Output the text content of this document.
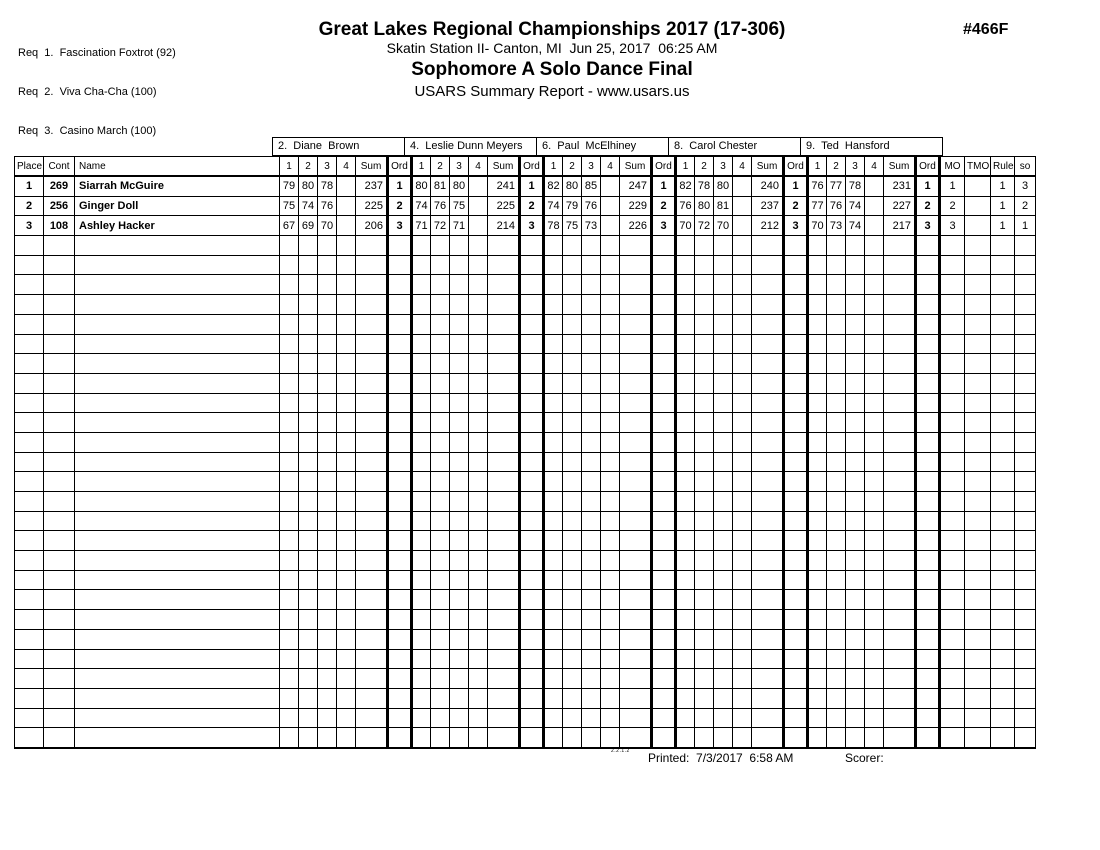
Req  1.  Fascination Foxtrot (92)

Req  2.  Viva Cha-Cha (100)

Req  3.  Casino March (100)

Great Lakes Regional Championships 2017 (17-306)
Skatin Station II- Canton, MI  Jun 25, 2017  06:25 AM
Sophomore A Solo Dance Final
USARS Summary Report - www.usars.us
#466F
2.  Diane  Brown	4.  Leslie Dunn Meyers	6.  Paul  McElhiney	8.  Carol Chester	9.  Ted  Hansford
Place	Cont	Name	1	2	3	4	Sum	Ord	1	2	3	4	Sum	Ord	1	2	3	4	Sum	Ord	1	2	3	4	Sum	Ord	1	2	3	4	Sum	Ord	MO	TMO	Rule	so
1	269	Siarrah McGuire	79	80	78		237	1	80	81	80		241	1	82	80	85		247	1	82	78	80		240	1	76	77	78		231	1	1		1	3
2	256	Ginger Doll	75	74	76		225	2	74	76	75		225	2	74	79	76		229	2	76	80	81		237	2	77	76	74		227	2	2		1	2
3	108	Ashley Hacker	67	69	70		206	3	71	72	71		214	3	78	75	73		226	3	70	72	70		212	3	70	73	74		217	3	3		1	1

2.2.1.2 Printed:  7/3/2017  6:58 AM	Scorer:
